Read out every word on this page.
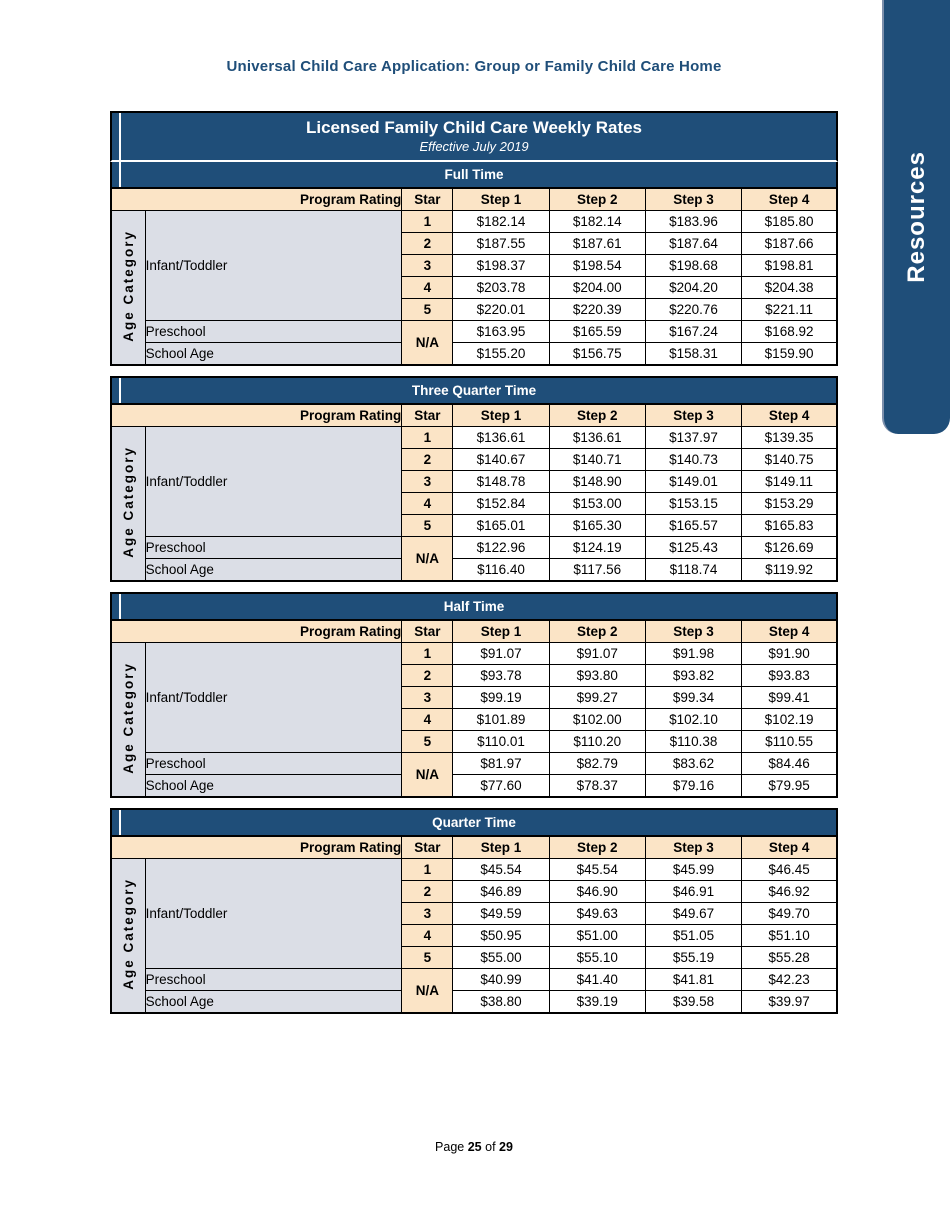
Resources
Universal Child Care Application: Group or Family Child Care Home
Licensed Family Child Care Weekly Rates
Effective July 2019
Full Time
Program Rating		Star	Step 1	Step 2	Step 3	Step 4
Age Category	Infant/Toddler	1	$182.14	$182.14	$183.96	$185.80
		2	$187.55	$187.61	$187.64	$187.66
		3	$198.37	$198.54	$198.68	$198.81
		4	$203.78	$204.00	$204.20	$204.38
		5	$220.01	$220.39	$220.76	$221.11
	Preschool	N/A	$163.95	$165.59	$167.24	$168.92
	School Age		$155.20	$156.75	$158.31	$159.90
Three Quarter Time
Program Rating		Star	Step 1	Step 2	Step 3	Step 4
Age Category	Infant/Toddler	1	$136.61	$136.61	$137.97	$139.35
		2	$140.67	$140.71	$140.73	$140.75
		3	$148.78	$148.90	$149.01	$149.11
		4	$152.84	$153.00	$153.15	$153.29
		5	$165.01	$165.30	$165.57	$165.83
	Preschool	N/A	$122.96	$124.19	$125.43	$126.69
	School Age		$116.40	$117.56	$118.74	$119.92
Half Time
Program Rating		Star	Step 1	Step 2	Step 3	Step 4
Age Category	Infant/Toddler	1	$91.07	$91.07	$91.98	$91.90
		2	$93.78	$93.80	$93.82	$93.83
		3	$99.19	$99.27	$99.34	$99.41
		4	$101.89	$102.00	$102.10	$102.19
		5	$110.01	$110.20	$110.38	$110.55
	Preschool	N/A	$81.97	$82.79	$83.62	$84.46
	School Age		$77.60	$78.37	$79.16	$79.95
Quarter Time
Program Rating		Star	Step 1	Step 2	Step 3	Step 4
Age Category	Infant/Toddler	1	$45.54	$45.54	$45.99	$46.45
		2	$46.89	$46.90	$46.91	$46.92
		3	$49.59	$49.63	$49.67	$49.70
		4	$50.95	$51.00	$51.05	$51.10
		5	$55.00	$55.10	$55.19	$55.28
	Preschool	N/A	$40.99	$41.40	$41.81	$42.23
	School Age		$38.80	$39.19	$39.58	$39.97
Page 25 of 29
